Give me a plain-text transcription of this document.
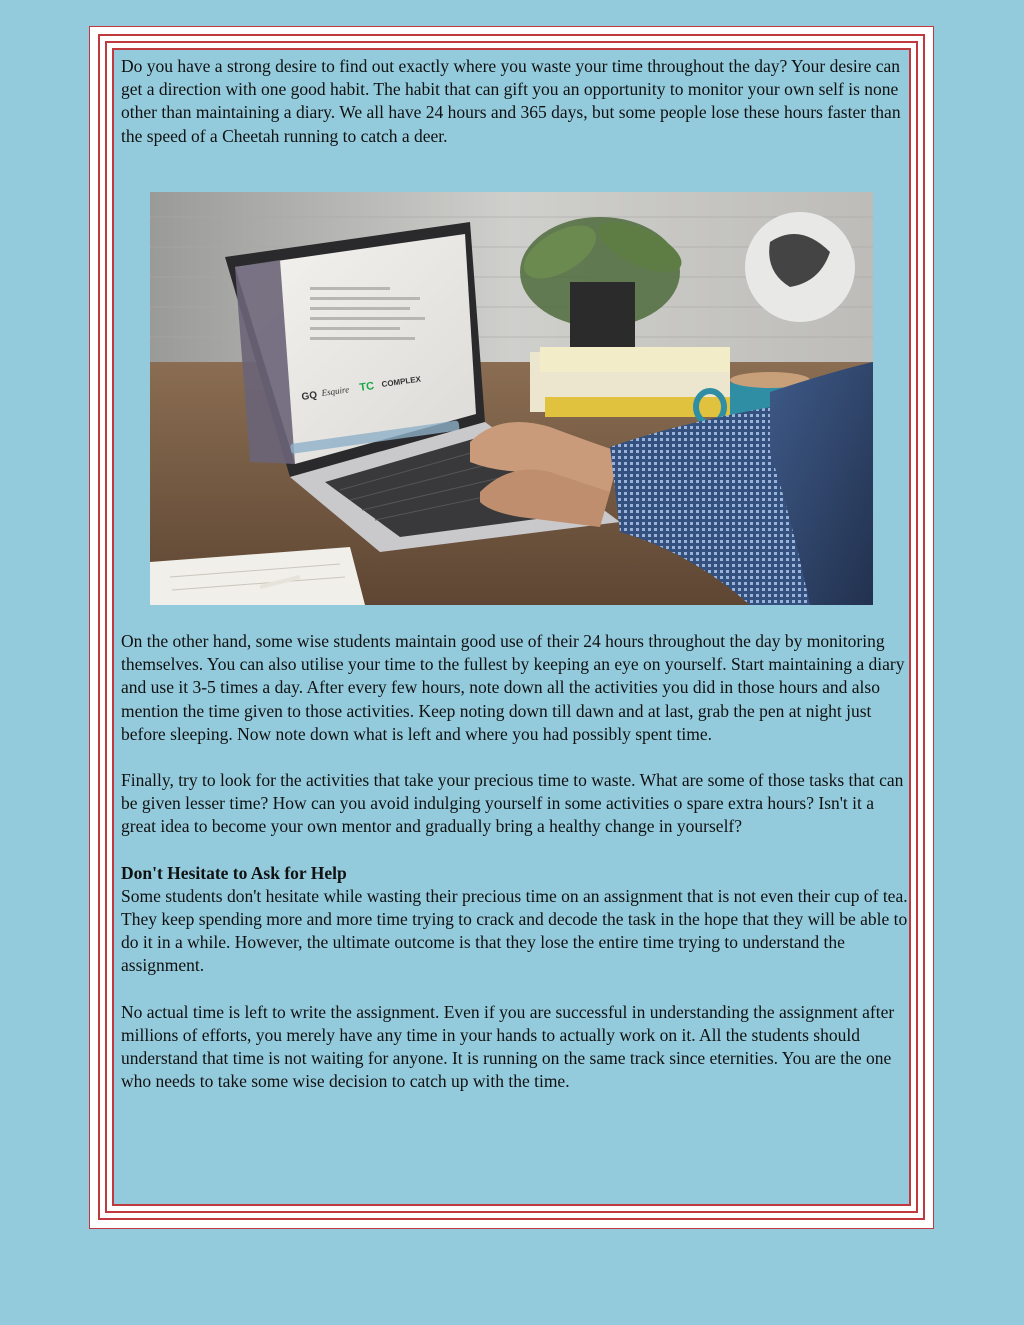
Do you have a strong desire to find out exactly where you waste your time throughout the day? Your desire can get a direction with one good habit. The habit that can gift you an opportunity to monitor your own self is none other than maintaining a diary. We all have 24 hours and 365 days, but some people lose these hours faster than the speed of a Cheetah running to catch a deer.

GQ Esquire TC COMPLEX

On the other hand, some wise students maintain good use of their 24 hours throughout the day by monitoring themselves. You can also utilise your time to the fullest by keeping an eye on yourself. Start maintaining a diary and use it 3-5 times a day. After every few hours, note down all the activities you did in those hours and also mention the time given to those activities. Keep noting down till dawn and at last, grab the pen at night just before sleeping. Now note down what is left and where you had possibly spent time.

Finally, try to look for the activities that take your precious time to waste. What are some of those tasks that can be given lesser time? How can you avoid indulging yourself in some activities o spare extra hours? Isn't it a great idea to become your own mentor and gradually bring a healthy change in yourself?

Don't Hesitate to Ask for Help

Some students don't hesitate while wasting their precious time on an assignment that is not even their cup of tea. They keep spending more and more time trying to crack and decode the task in the hope that they will be able to do it in a while. However, the ultimate outcome is that they lose the entire time trying to understand the assignment.

No actual time is left to write the assignment. Even if you are successful in understanding the assignment after millions of efforts, you merely have any time in your hands to actually work on it. All the students should understand that time is not waiting for anyone. It is running on the same track since eternities. You are the one who needs to take some wise decision to catch up with the time.
